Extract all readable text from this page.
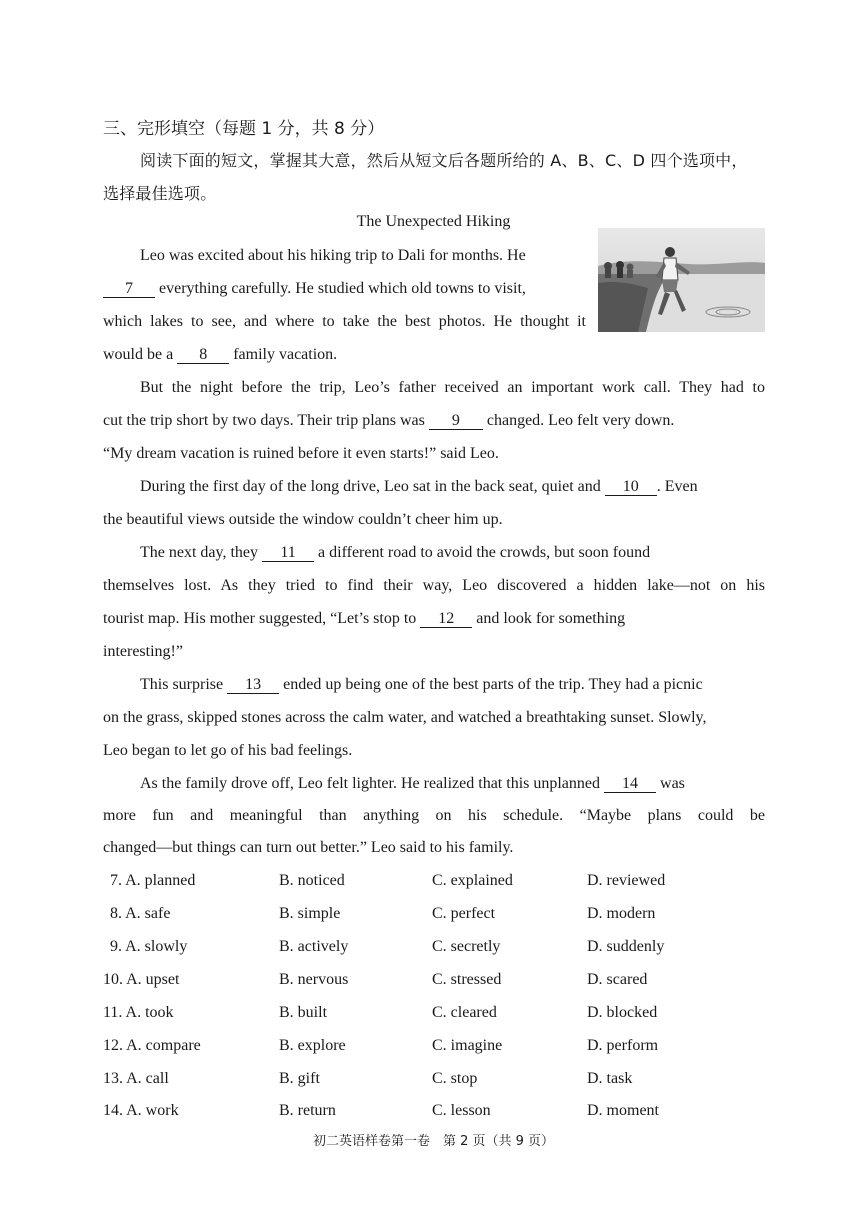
三、完形填空（每题 1 分，共 8 分）
阅读下面的短文，掌握其大意，然后从短文后各题所给的 A、B、C、D 四个选项中，
选择最佳选项。
The Unexpected Hiking
Leo was excited about his hiking trip to Dali for months. He
7 everything carefully. He studied which old towns to visit,
which lakes to see, and where to take the best photos. He thought it
would be a 8 family vacation.
But the night before the trip, Leo’s father received an important work call. They had to
cut the trip short by two days. Their trip plans was 9 changed. Leo felt very down.
“My dream vacation is ruined before it even starts!” said Leo.
During the first day of the long drive, Leo sat in the back seat, quiet and 10 . Even
the beautiful views outside the window couldn’t cheer him up.
The next day, they 11 a different road to avoid the crowds, but soon found
themselves lost. As they tried to find their way, Leo discovered a hidden lake—not on his
tourist map. His mother suggested, “Let’s stop to 12 and look for something
interesting!”
This surprise 13 ended up being one of the best parts of the trip. They had a picnic
on the grass, skipped stones across the calm water, and watched a breathtaking sunset. Slowly,
Leo began to let go of his bad feelings.
As the family drove off, Leo felt lighter. He realized that this unplanned 14 was
more fun and meaningful than anything on his schedule. “Maybe plans could be
changed—but things can turn out better.” Leo said to his family.
7. A. planned	B. noticed	C. explained	D. reviewed
8. A. safe	B. simple	C. perfect	D. modern
9. A. slowly	B. actively	C. secretly	D. suddenly
10. A. upset	B. nervous	C. stressed	D. scared
11. A. took	B. built	C. cleared	D. blocked
12. A. compare	B. explore	C. imagine	D. perform
13. A. call	B. gift	C. stop	D. task
14. A. work	B. return	C. lesson	D. moment
初二英语样卷第一卷　第 2 页（共 9 页）
